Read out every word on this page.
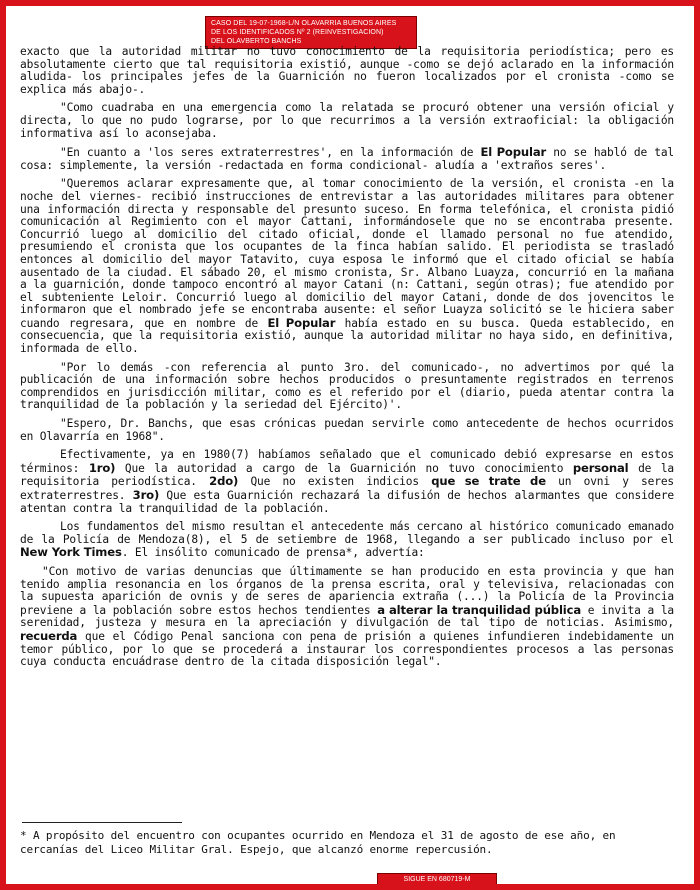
CASO DEL 19-07-1968-L/N OLAVARRIA BUENOS AIRES
DE LOS IDENTIFICADOS Nº 2 (REINVESTIGACION)
DEL OLAVBERTO BANCHS

exacto que la autoridad militar no tuvo conocimiento de la requisitoria periodística; pero es absolutamente cierto que tal requisitoria existió, aunque -como se dejó aclarado en la información aludida- los principales jefes de la Guarnición no fueron localizados por el cronista -como se explica más abajo-.

"Como cuadraba en una emergencia como la relatada se procuró obtener una versión oficial y directa, lo que no pudo lograrse, por lo que recurrimos a la versión extraoficial: la obligación informativa así lo aconsejaba.

"En cuanto a 'los seres extraterrestres', en la información de El Popular no se habló de tal cosa: simplemente, la versión -redactada en forma condicional- aludía a 'extraños seres'.

"Queremos aclarar expresamente que, al tomar conocimiento de la versión, el cronista -en la noche del viernes- recibió instrucciones de entrevistar a las autoridades militares para obtener una información directa y responsable del presunto suceso. En forma telefónica, el cronista pidió comunicación al Regimiento con el mayor Cattani, informándosele que no se encontraba presente. Concurrió luego al domicilio del citado oficial, donde el llamado personal no fue atendido, presumiendo el cronista que los ocupantes de la finca habían salido. El periodista se trasladó entonces al domicilio del mayor Tatavito, cuya esposa le informó que el citado oficial se había ausentado de la ciudad. El sábado 20, el mismo cronista, Sr. Albano Luayza, concurrió en la mañana a la guarnición, donde tampoco encontró al mayor Catani (n: Cattani, según otras); fue atendido por el subteniente Leloir. Concurrió luego al domicilio del mayor Catani, donde de dos jovencitos le informaron que el nombrado jefe se encontraba ausente: el señor Luayza solicitó se le hiciera saber cuando regresara, que en nombre de El Popular había estado en su busca. Queda establecido, en consecuencia, que la requisitoria existió, aunque la autoridad militar no haya sido, en definitiva, informada de ello.

"Por lo demás -con referencia al punto 3ro. del comunicado-, no advertimos por qué la publicación de una información sobre hechos producidos o presuntamente registrados en terrenos comprendidos en jurisdicción militar, como es el referido por el (diario, pueda atentar contra la tranquilidad de la población y la seriedad del Ejército)'.

"Espero, Dr. Banchs, que esas crónicas puedan servirle como antecedente de hechos ocurridos en Olavarría en 1968".

Efectivamente, ya en 1980(7) habíamos señalado que el comunicado debió expresarse en estos términos: 1ro) Que la autoridad a cargo de la Guarnición no tuvo conocimiento personal de la requisitoria periodística. 2do) Que no existen indicios que se trate de un ovni y seres extraterrestres. 3ro) Que esta Guarnición rechazará la difusión de hechos alarmantes que considere atentan contra la tranquilidad de la población.

Los fundamentos del mismo resultan el antecedente más cercano al histórico comunicado emanado de la Policía de Mendoza(8), el 5 de setiembre de 1968, llegando a ser publicado incluso por el New York Times. El insólito comunicado de prensa*, advertía:

"Con motivo de varias denuncias que últimamente se han producido en esta provincia y que han tenido amplia resonancia en los órganos de la prensa escrita, oral y televisiva, relacionadas con la supuesta aparición de ovnis y de seres de apariencia extraña (...) la Policía de la Provincia previene a la población sobre estos hechos tendientes a alterar la tranquilidad pública e invita a la serenidad, justeza y mesura en la apreciación y divulgación de tal tipo de noticias. Asimismo, recuerda que el Código Penal sanciona con pena de prisión a quienes infundieren indebidamente un temor público, por lo que se procederá a instaurar los correspondientes procesos a las personas cuya conducta encuádrase dentro de la citada disposición legal".

* A propósito del encuentro con ocupantes ocurrido en Mendoza el 31 de agosto de ese año, en cercanías del Liceo Militar Gral. Espejo, que alcanzó enorme repercusión.
SIGUE EN 680719-M
